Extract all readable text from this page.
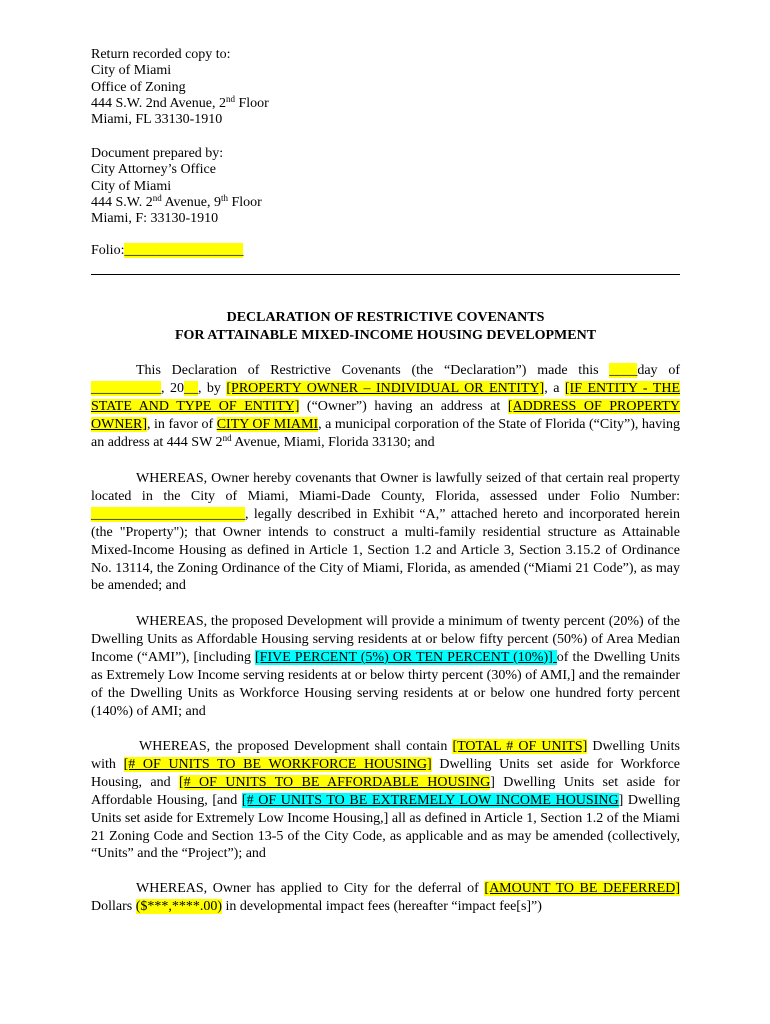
Return recorded copy to:
City of Miami
Office of Zoning
444 S.W. 2nd Avenue, 2nd Floor
Miami, FL 33130-1910
Document prepared by:
City Attorney’s Office
City of Miami
444 S.W. 2nd Avenue, 9th Floor
Miami, F: 33130-1910
Folio:_________________
DECLARATION OF RESTRICTIVE COVENANTS
FOR ATTAINABLE MIXED-INCOME HOUSING DEVELOPMENT
This Declaration of Restrictive Covenants (the “Declaration”) made this ____day of __________, 20__, by [PROPERTY OWNER – INDIVIDUAL OR ENTITY], a [IF ENTITY - THE STATE AND TYPE OF ENTITY] (“Owner”) having an address at [ADDRESS OF PROPERTY OWNER], in favor of CITY OF MIAMI, a municipal corporation of the State of Florida (“City”), having an address at 444 SW 2nd Avenue, Miami, Florida 33130; and
WHEREAS, Owner hereby covenants that Owner is lawfully seized of that certain real property located in the City of Miami, Miami-Dade County, Florida, assessed under Folio Number: ______________________, legally described in Exhibit “A,” attached hereto and incorporated herein (the "Property"); that Owner intends to construct a multi-family residential structure as Attainable Mixed-Income Housing as defined in Article 1, Section 1.2 and Article 3, Section 3.15.2 of Ordinance No. 13114, the Zoning Ordinance of the City of Miami, Florida, as amended (“Miami 21 Code”), as may be amended; and
WHEREAS, the proposed Development will provide a minimum of twenty percent (20%) of the Dwelling Units as Affordable Housing serving residents at or below fifty percent (50%) of Area Median Income (“AMI”), [including [FIVE PERCENT (5%) OR TEN PERCENT (10%)] of the Dwelling Units as Extremely Low Income serving residents at or below thirty percent (30%) of AMI,] and the remainder of the Dwelling Units as Workforce Housing serving residents at or below one hundred forty percent (140%) of AMI; and
WHEREAS, the proposed Development shall contain [TOTAL # OF UNITS] Dwelling Units with [# OF UNITS TO BE WORKFORCE HOUSING] Dwelling Units set aside for Workforce Housing, and [# OF UNITS TO BE AFFORDABLE HOUSING] Dwelling Units set aside for Affordable Housing, [and [# OF UNITS TO BE EXTREMELY LOW INCOME HOUSING] Dwelling Units set aside for Extremely Low Income Housing,] all as defined in Article 1, Section 1.2 of the Miami 21 Zoning Code and Section 13-5 of the City Code, as applicable and as may be amended (collectively, “Units” and the “Project”); and
WHEREAS, Owner has applied to City for the deferral of [AMOUNT TO BE DEFERRED] Dollars ($***,****.00) in developmental impact fees (hereafter “impact fee[s]”)
